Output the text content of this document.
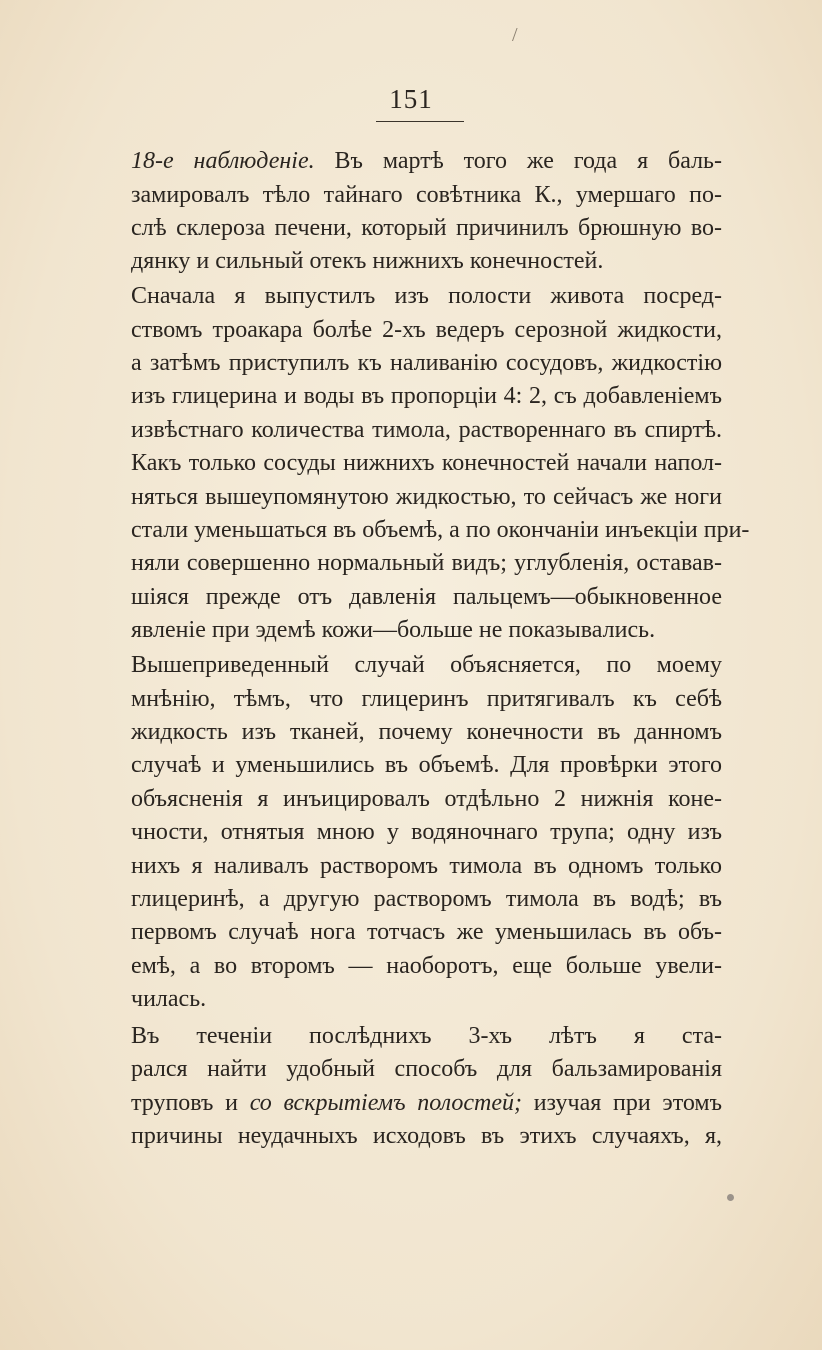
/
151
18-е наблюденіе. Въ мартѣ того же года я баль-
замировалъ тѣло тайнаго совѣтника К., умершаго по-
слѣ склероза печени, который причинилъ брюшную во-
дянку и сильный отекъ нижнихъ конечностей.
Сначала я выпустилъ изъ полости живота посред-
ствомъ троакара болѣе 2-хъ ведеръ серозной жидкости,
а затѣмъ приступилъ къ наливанію сосудовъ, жидкостію
изъ глицерина и воды въ пропорціи 4: 2, съ добавленіемъ
извѣстнаго количества тимола, раствореннаго въ спиртѣ.
Какъ только сосуды нижнихъ конечностей начали напол-
няться вышеупомянутою жидкостью, то сейчасъ же ноги
стали уменьшаться въ объемѣ, а по окончаніи инъекціи при-
няли совершенно нормальный видъ; углубленія, оставав-
шіяся прежде отъ давленія пальцемъ—обыкновенное
явленіе при эдемѣ кожи—больше не показывались.
Вышеприведенный случай объясняется, по моему
мнѣнію, тѣмъ, что глицеринъ притягивалъ къ себѣ
жидкость изъ тканей, почему конечности въ данномъ
случаѣ и уменьшились въ объемѣ. Для провѣрки этого
объясненія я инъицировалъ отдѣльно 2 нижнія коне-
чности, отнятыя мною у водяночнаго трупа; одну изъ
нихъ я наливалъ растворомъ тимола въ одномъ только
глицеринѣ, а другую растворомъ тимола въ водѣ; въ
первомъ случаѣ нога тотчасъ же уменьшилась въ объ-
емѣ, а во второмъ — наоборотъ, еще больше увели-
чилась.
Въ теченіи послѣднихъ 3-хъ лѣтъ я ста-
рался найти удобный способъ для бальзамированія
труповъ и со вскрытіемъ полостей; изучая при этомъ
причины неудачныхъ исходовъ въ этихъ случаяхъ, я,
